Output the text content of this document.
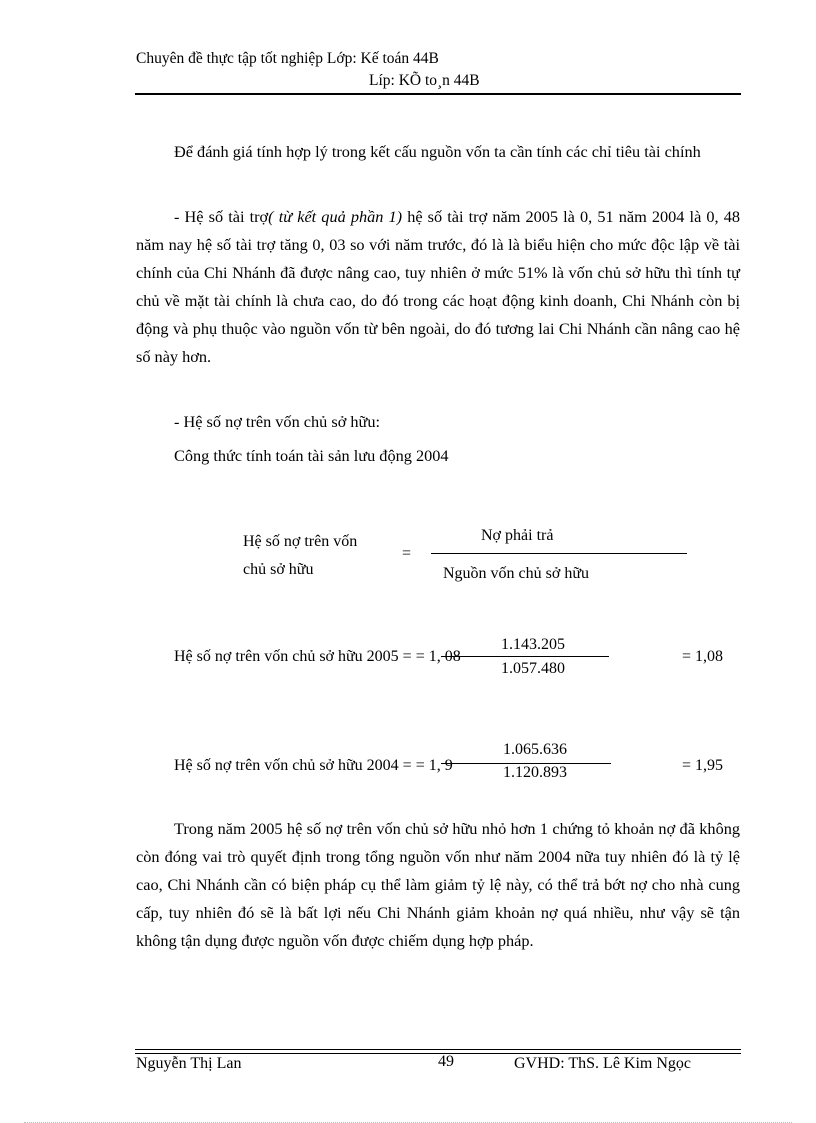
Chuyên đề thực tập tốt nghiệp Lớp: Kế toán 44B
Líp: KÕ to¸n 44B
Để đánh giá tính hợp lý trong kết cấu nguồn vốn ta cần tính các chỉ tiêu tài chính
- Hệ số tài trợ( từ kết quả phần 1) hệ số tài trợ năm 2005 là 0, 51 năm 2004 là 0, 48 năm nay hệ số tài trợ tăng 0, 03 so với năm trước, đó là là biểu hiện cho mức độc lập về tài chính của Chi Nhánh đã được nâng cao, tuy nhiên ở mức 51% là vốn chủ sở hữu thì tính tự chủ về mặt tài chính là chưa cao, do đó trong các hoạt động kinh doanh, Chi Nhánh còn bị động và phụ thuộc vào nguồn vốn từ bên ngoài, do đó tương lai Chi Nhánh cần nâng cao hệ số này hơn.
- Hệ số nợ trên vốn chủ sở hữu:
Công thức tính toán tài sản lưu động 2004
Hệ số nợ trên vốn
chủ sở hữu
=
Nợ phải trả
Nguồn vốn chủ sở hữu
Hệ số nợ trên vốn chủ sở hữu 2005 = = 1, 08
1.143.205
1.057.480
= 1,08
Hệ số nợ trên vốn chủ sở hữu 2004 = = 1, 9
1.065.636
1.120.893	= 1,95
Trong năm 2005 hệ số nợ trên vốn chủ sở hữu nhỏ hơn 1 chứng tỏ khoản nợ đã không còn đóng vai trò quyết định trong tổng nguồn vốn như năm 2004 nữa tuy nhiên đó là tỷ lệ cao, Chi Nhánh cần có biện pháp cụ thể làm giảm tỷ lệ này, có thể trả bớt nợ cho nhà cung cấp, tuy nhiên đó sẽ là bất lợi nếu Chi Nhánh giảm khoản nợ quá nhiều, như vậy sẽ tận không tận dụng được nguồn vốn được chiếm dụng hợp pháp.
Nguyễn Thị Lan	49	GVHD: ThS. Lê Kim Ngọc
